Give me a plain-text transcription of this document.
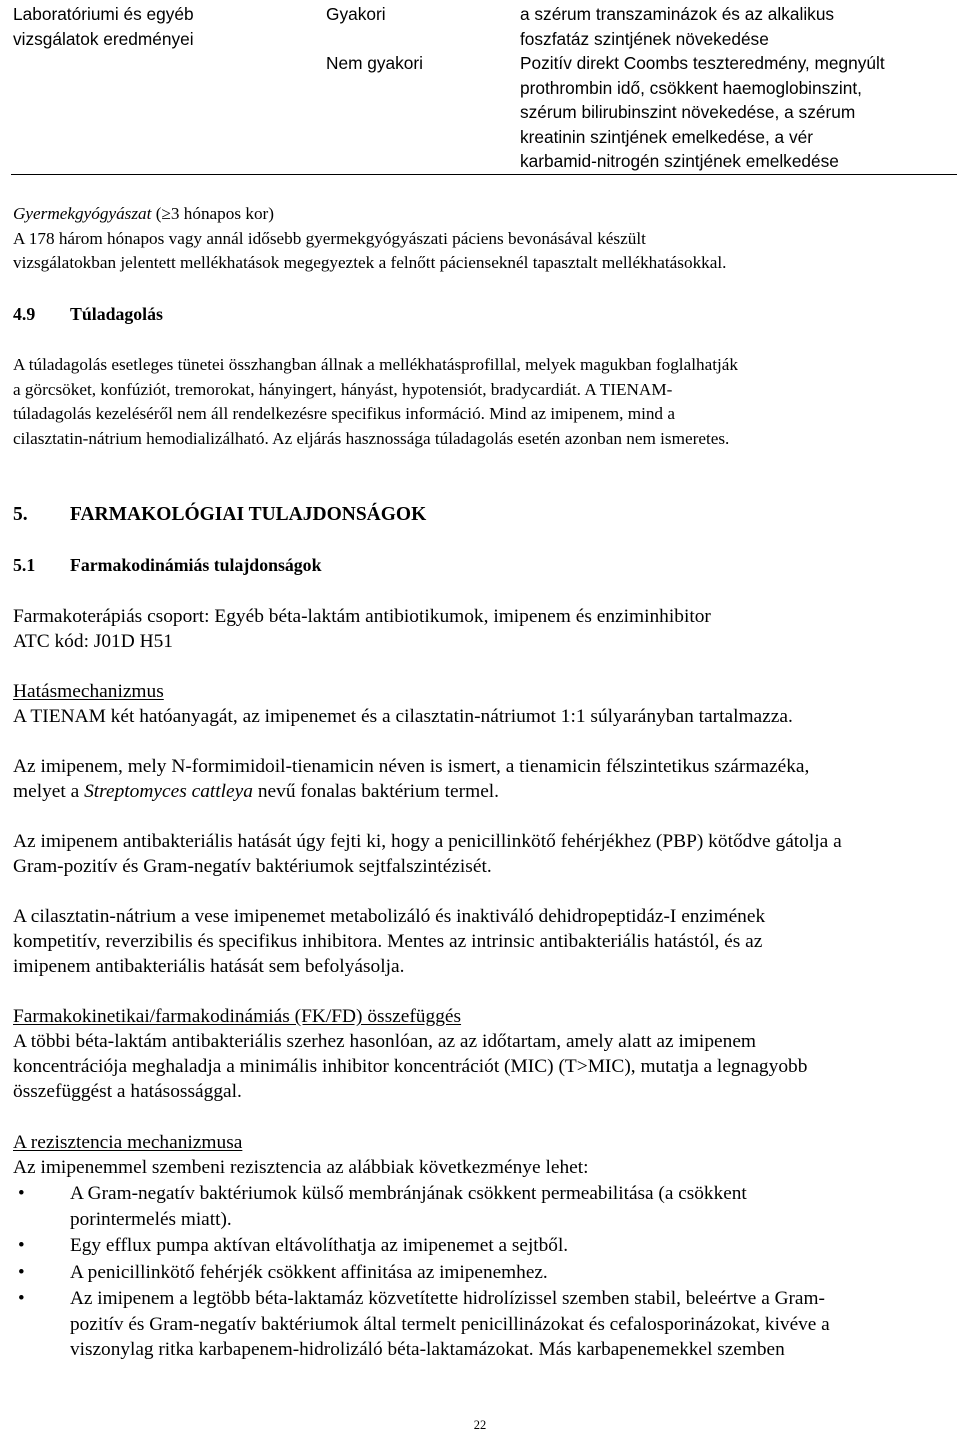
Laboratóriumi és egyéb
vizsgálatok eredményei
Gyakori
Nem gyakori
a szérum transzaminázok és az alkalikus
foszfatáz szintjének növekedése
Pozitív direkt Coombs teszteredmény, megnyúlt
prothrombin idő, csökkent haemoglobinszint,
szérum bilirubinszint növekedése, a szérum
kreatinin szintjének emelkedése, a vér
karbamid-nitrogén szintjének emelkedése
Gyermekgyógyászat (≥3 hónapos kor)
A 178 három hónapos vagy annál idősebb gyermekgyógyászati páciens bevonásával készült
vizsgálatokban jelentett mellékhatások megegyeztek a felnőtt pácienseknél tapasztalt mellékhatásokkal.
4.9 Túladagolás
A túladagolás esetleges tünetei összhangban állnak a mellékhatásprofillal, melyek magukban foglalhatják
a görcsöket, konfúziót, tremorokat, hányingert, hányást, hypotensiót, bradycardiát. A TIENAM-
túladagolás kezeléséről nem áll rendelkezésre specifikus információ. Mind az imipenem, mind a
cilasztatin-nátrium hemodializálható. Az eljárás hasznossága túladagolás esetén azonban nem ismeretes.
5. FARMAKOLÓGIAI TULAJDONSÁGOK
5.1 Farmakodinámiás tulajdonságok
Farmakoterápiás csoport: Egyéb béta-laktám antibiotikumok, imipenem és enziminhibitor
ATC kód: J01D H51
Hatásmechanizmus
A TIENAM két hatóanyagát, az imipenemet és a cilasztatin-nátriumot 1:1 súlyarányban tartalmazza.
Az imipenem, mely N-formimidoil-tienamicin néven is ismert, a tienamicin félszintetikus származéka,
melyet a Streptomyces cattleya nevű fonalas baktérium termel.
Az imipenem antibakteriális hatását úgy fejti ki, hogy a penicillinkötő fehérjékhez (PBP) kötődve gátolja a
Gram-pozitív és Gram-negatív baktériumok sejtfalszintézisét.
A cilasztatin-nátrium a vese imipenemet metabolizáló és inaktiváló dehidropeptidáz-I enzimének
kompetitív, reverzibilis és specifikus inhibitora. Mentes az intrinsic antibakteriális hatástól, és az
imipenem antibakteriális hatását sem befolyásolja.
Farmakokinetikai/farmakodinámiás (FK/FD) összefüggés
A többi béta-laktám antibakteriális szerhez hasonlóan, az az időtartam, amely alatt az imipenem
koncentrációja meghaladja a minimális inhibitor koncentrációt (MIC) (T>MIC), mutatja a legnagyobb
összefüggést a hatásossággal.
A rezisztencia mechanizmusa
Az imipenemmel szembeni rezisztencia az alábbiak következménye lehet:
• A Gram-negatív baktériumok külső membránjának csökkent permeabilitása (a csökkent
porintermelés miatt).
• Egy efflux pumpa aktívan eltávolíthatja az imipenemet a sejtből.
• A penicillinkötő fehérjék csökkent affinitása az imipenemhez.
• Az imipenem a legtöbb béta-laktamáz közvetítette hidrolízissel szemben stabil, beleértve a Gram-
pozitív és Gram-negatív baktériumok által termelt penicillinázokat és cefalosporinázokat, kivéve a
viszonylag ritka karbapenem-hidrolizáló béta-laktamázokat. Más karbapenemekkel szemben
22
